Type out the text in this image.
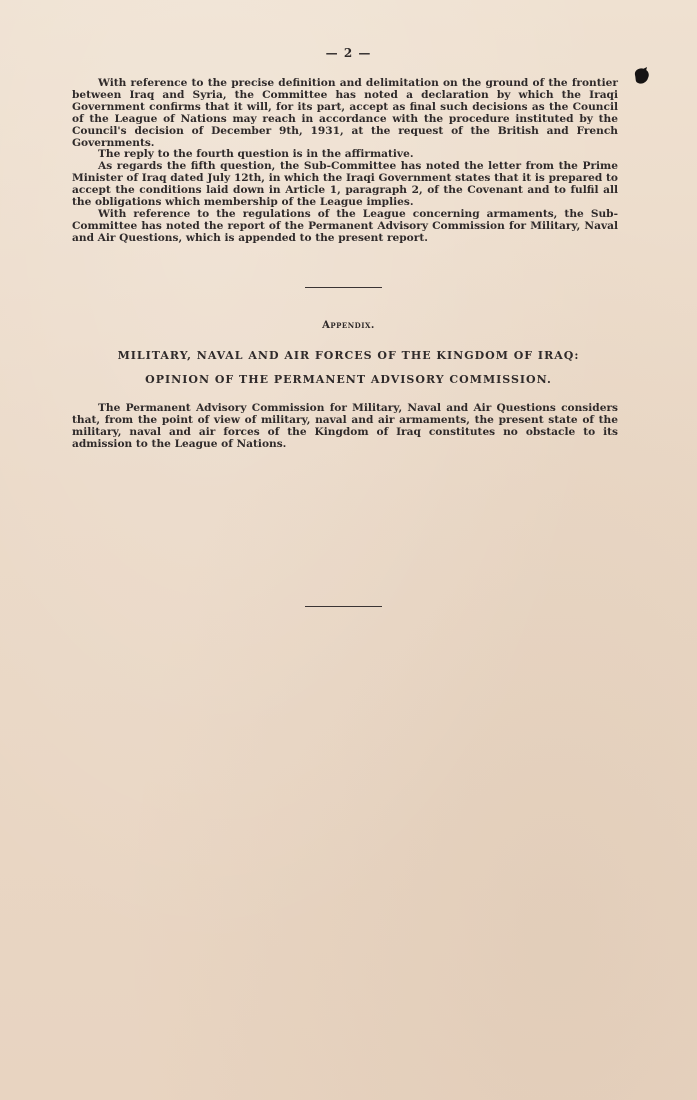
— 2 —

With reference to the precise definition and delimitation on the ground of the frontier between Iraq and Syria, the Committee has noted a declaration by which the Iraqi Government confirms that it will, for its part, accept as final such decisions as the Council of the League of Nations may reach in accordance with the procedure instituted by the Council's decision of December 9th, 1931, at the request of the British and French Governments.

The reply to the fourth question is in the affirmative.

As regards the fifth question, the Sub-Committee has noted the letter from the Prime Minister of Iraq dated July 12th, in which the Iraqi Government states that it is prepared to accept the conditions laid down in Article 1, paragraph 2, of the Covenant and to fulfil all the obligations which membership of the League implies.

With reference to the regulations of the League concerning armaments, the Sub-Committee has noted the report of the Permanent Advisory Commission for Military, Naval and Air Questions, which is appended to the present report.

Appendix.
MILITARY, NAVAL AND AIR FORCES OF THE KINGDOM OF IRAQ:
OPINION OF THE PERMANENT ADVISORY COMMISSION.

The Permanent Advisory Commission for Military, Naval and Air Questions considers that, from the point of view of military, naval and air armaments, the present state of the military, naval and air forces of the Kingdom of Iraq constitutes no obstacle to its admission to the League of Nations.
